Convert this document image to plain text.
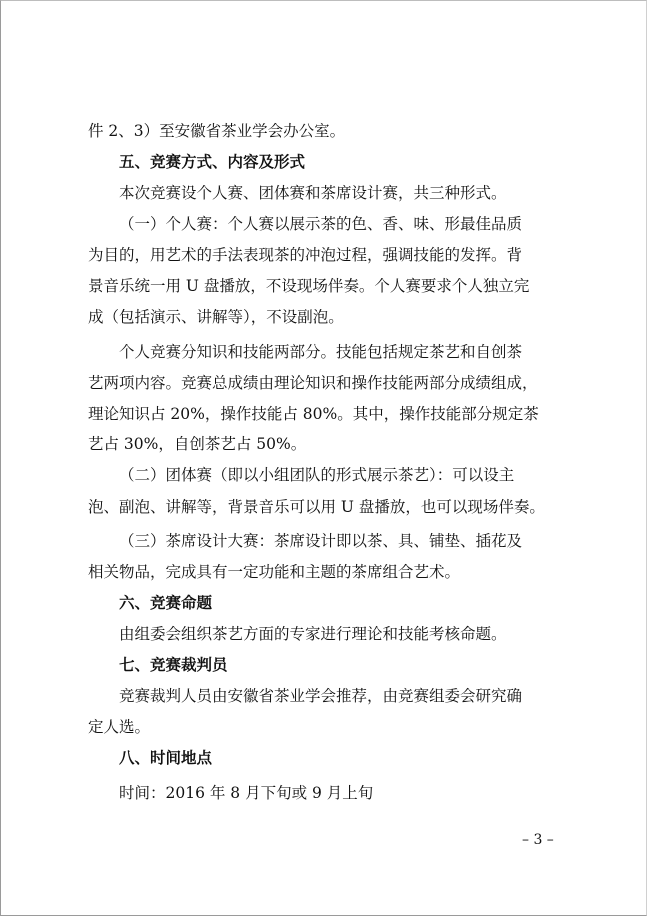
件 2、3）至安徽省茶业学会办公室。
五、竞赛方式、内容及形式
本次竞赛设个人赛、团体赛和茶席设计赛，共三种形式。
（一）个人赛：个人赛以展示茶的色、香、味、形最佳品质
为目的，用艺术的手法表现茶的冲泡过程，强调技能的发挥。背
景音乐统一用 U 盘播放，不设现场伴奏。个人赛要求个人独立完
成（包括演示、讲解等），不设副泡。
个人竞赛分知识和技能两部分。技能包括规定茶艺和自创茶
艺两项内容。竞赛总成绩由理论知识和操作技能两部分成绩组成，
理论知识占 20%，操作技能占 80%。其中，操作技能部分规定茶
艺占 30%，自创茶艺占 50%。
（二）团体赛（即以小组团队的形式展示茶艺）：可以设主
泡、副泡、讲解等，背景音乐可以用 U 盘播放，也可以现场伴奏。
（三）茶席设计大赛：茶席设计即以茶、具、铺垫、插花及
相关物品，完成具有一定功能和主题的茶席组合艺术。
六、竞赛命题
由组委会组织茶艺方面的专家进行理论和技能考核命题。
七、竞赛裁判员
竞赛裁判人员由安徽省茶业学会推荐，由竞赛组委会研究确
定人选。
八、时间地点
时间：2016 年 8 月下旬或 9 月上旬
– 3 –
